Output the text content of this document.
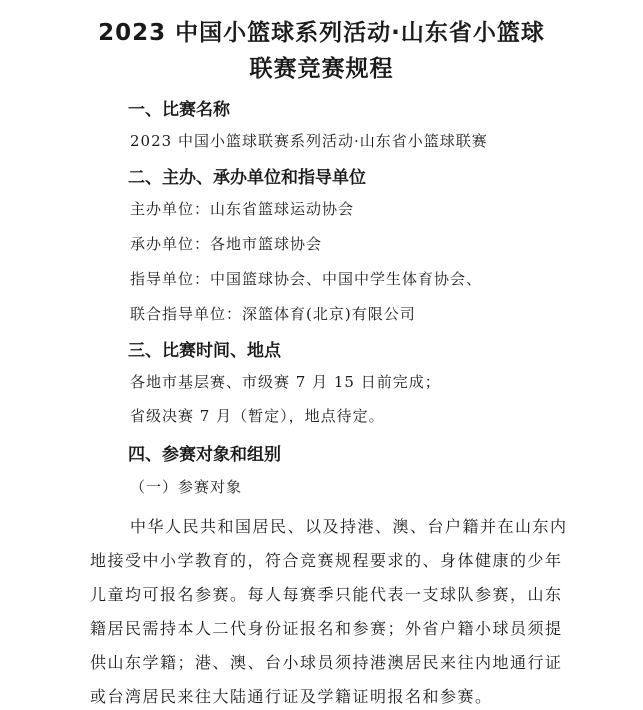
2023 中国小篮球系列活动·山东省小篮球
联赛竞赛规程
一、比赛名称
2023 中国小篮球联赛系列活动·山东省小篮球联赛
二、主办、承办单位和指导单位
主办单位：山东省篮球运动协会
承办单位：各地市篮球协会
指导单位：中国篮球协会、中国中学生体育协会、
联合指导单位：深篮体育(北京)有限公司
三、比赛时间、地点
各地市基层赛、市级赛 7 月 15 日前完成；
省级决赛 7 月（暂定），地点待定。
四、参赛对象和组别
（一）参赛对象
中华人民共和国居民、以及持港、澳、台户籍并在山东内
地接受中小学教育的，符合竞赛规程要求的、身体健康的少年
儿童均可报名参赛。每人每赛季只能代表一支球队参赛，山东
籍居民需持本人二代身份证报名和参赛；外省户籍小球员须提
供山东学籍；港、澳、台小球员须持港澳居民来往内地通行证
或台湾居民来往大陆通行证及学籍证明报名和参赛。
